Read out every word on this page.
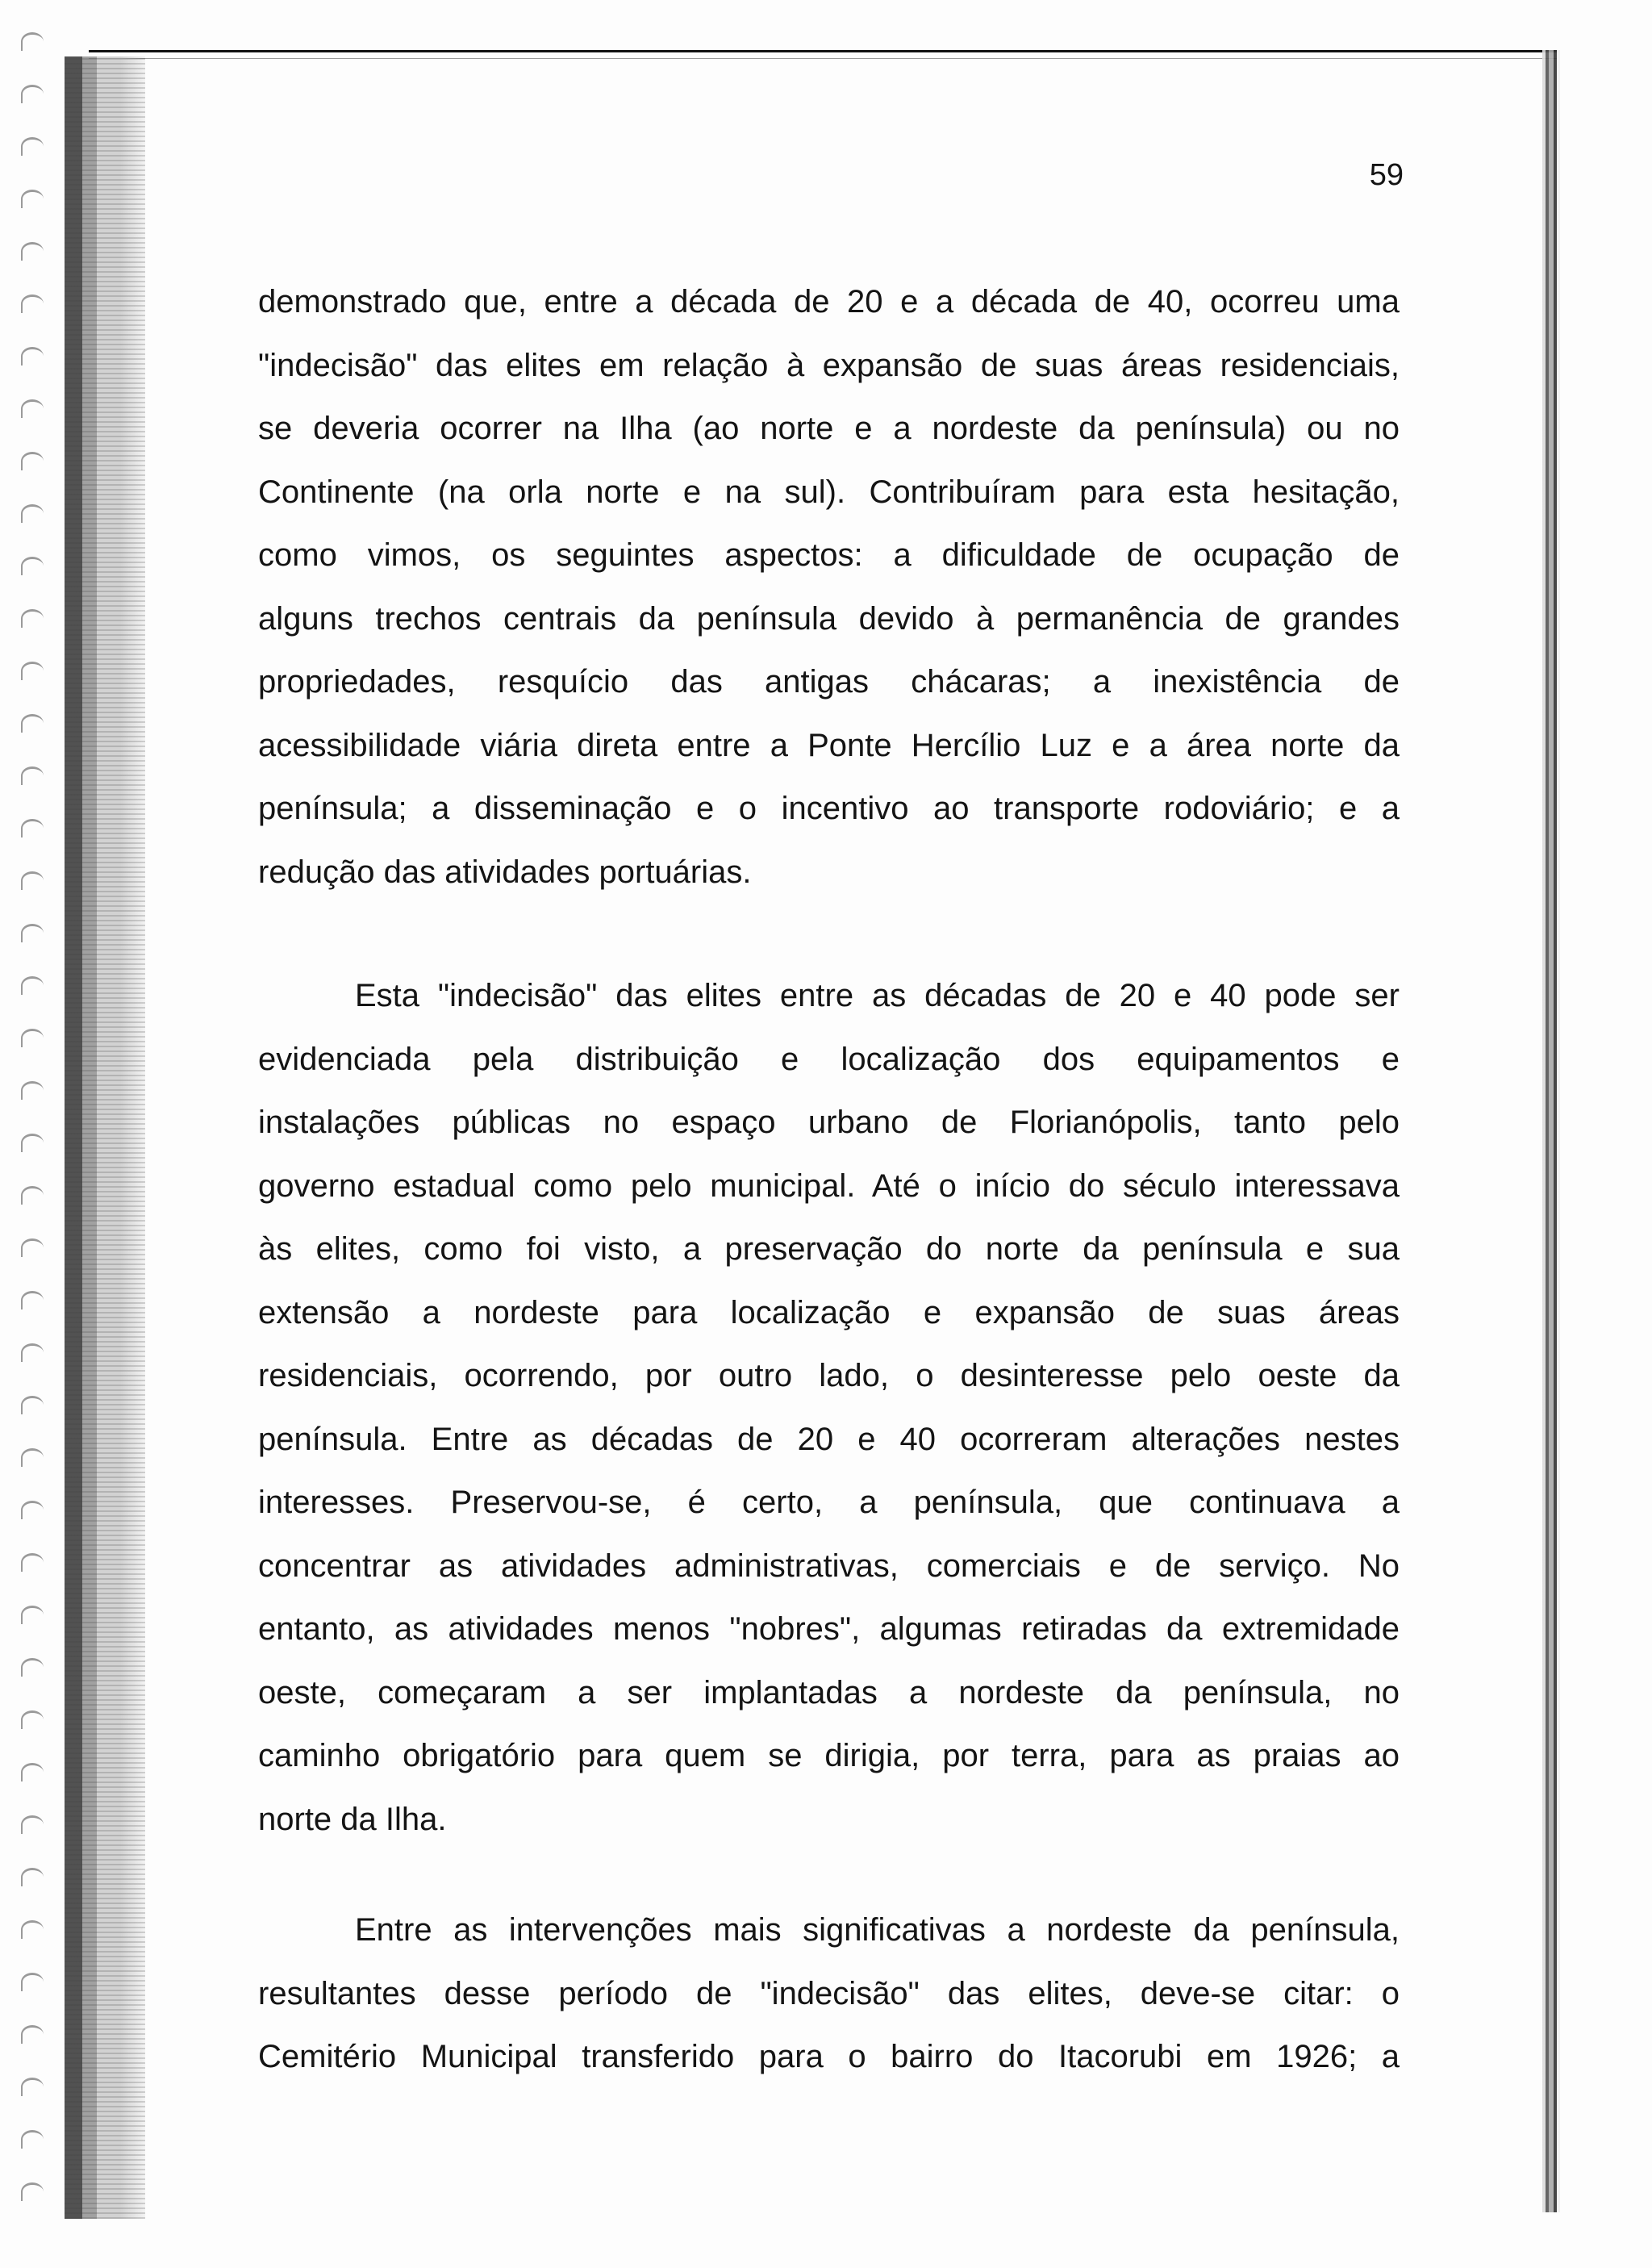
59
demonstrado que, entre a década de 20 e a década de 40, ocorreu uma
"indecisão" das elites em relação à expansão de suas áreas residenciais,
se deveria ocorrer na Ilha (ao norte e a nordeste da península) ou no
Continente (na orla norte e na sul). Contribuíram para esta hesitação,
como vimos, os seguintes aspectos: a dificuldade de ocupação de
alguns trechos centrais da península devido à permanência de grandes
propriedades, resquício das antigas chácaras; a inexistência de
acessibilidade viária direta entre a Ponte Hercílio Luz e a área norte da
península; a disseminação e o incentivo ao transporte rodoviário; e a
redução das atividades portuárias.
Esta "indecisão" das elites entre as décadas de 20 e 40 pode ser
evidenciada pela distribuição e localização dos equipamentos e
instalações públicas no espaço urbano de Florianópolis, tanto pelo
governo estadual como pelo municipal. Até o início do século interessava
às elites, como foi visto, a preservação do norte da península e sua
extensão a nordeste para localização e expansão de suas áreas
residenciais, ocorrendo, por outro lado, o desinteresse pelo oeste da
península. Entre as décadas de 20 e 40 ocorreram alterações nestes
interesses. Preservou-se, é certo, a península, que continuava a
concentrar as atividades administrativas, comerciais e de serviço. No
entanto, as atividades menos "nobres", algumas retiradas da extremidade
oeste, começaram a ser implantadas a nordeste da península, no
caminho obrigatório para quem se dirigia, por terra, para as praias ao
norte da Ilha.
Entre as intervenções mais significativas a nordeste da península,
resultantes desse período de "indecisão" das elites, deve-se citar: o
Cemitério Municipal transferido para o bairro do Itacorubi em 1926; a
